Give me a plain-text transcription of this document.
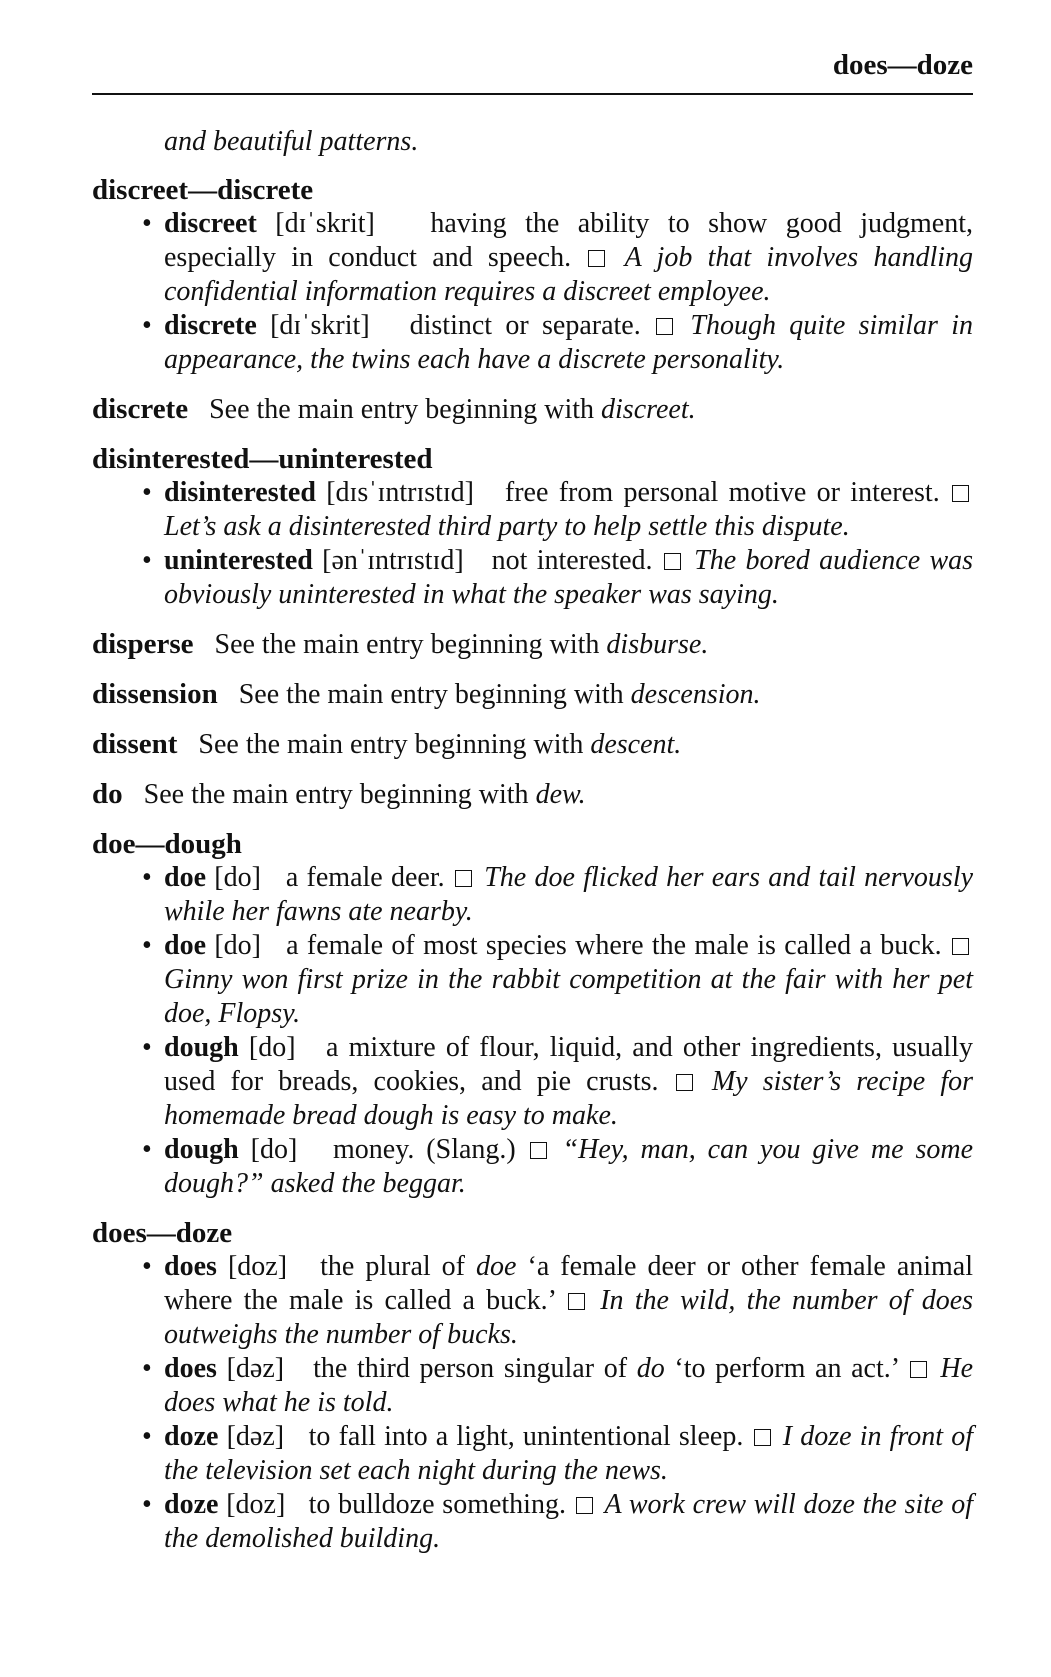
does—doze
and beautiful patterns.
discreet—discrete
• discreet [dɪˈskrit] having the ability to show good judgment, especially in conduct and speech. A job that involves handling confidential information requires a discreet employee.
• discrete [dɪˈskrit] distinct or separate. Though quite similar in appearance, the twins each have a discrete personality.
discrete See the main entry beginning with discreet.
disinterested—uninterested
• disinterested [dɪsˈɪntrɪstɪd] free from personal motive or interest.  Let’s ask a disinterested third party to help settle this dispute.
• uninterested [ənˈɪntrɪstɪd] not interested. The bored audience was obviously uninterested in what the speaker was saying.
disperse See the main entry beginning with disburse.
dissension See the main entry beginning with descension.
dissent See the main entry beginning with descent.
do See the main entry beginning with dew.
doe—dough
• doe [do] a female deer. The doe flicked her ears and tail nervously while her fawns ate nearby.
• doe [do] a female of most species where the male is called a buck.  Ginny won first prize in the rabbit competition at the fair with her pet doe, Flopsy.
• dough [do] a mixture of flour, liquid, and other ingredients, usually used for breads, cookies, and pie crusts. My sister’s recipe for homemade bread dough is easy to make.
• dough [do] money. (Slang.) “Hey, man, can you give me some dough?” asked the beggar.
does—doze
• does [doz] the plural of doe ‘a female deer or other female animal where the male is called a buck.’ In the wild, the number of does outweighs the number of bucks.
• does [dəz] the third person singular of do ‘to perform an act.’ He does what he is told.
• doze [dəz] to fall into a light, unintentional sleep. I doze in front of the television set each night during the news.
• doze [doz] to bulldoze something. A work crew will doze the site of the demolished building.
